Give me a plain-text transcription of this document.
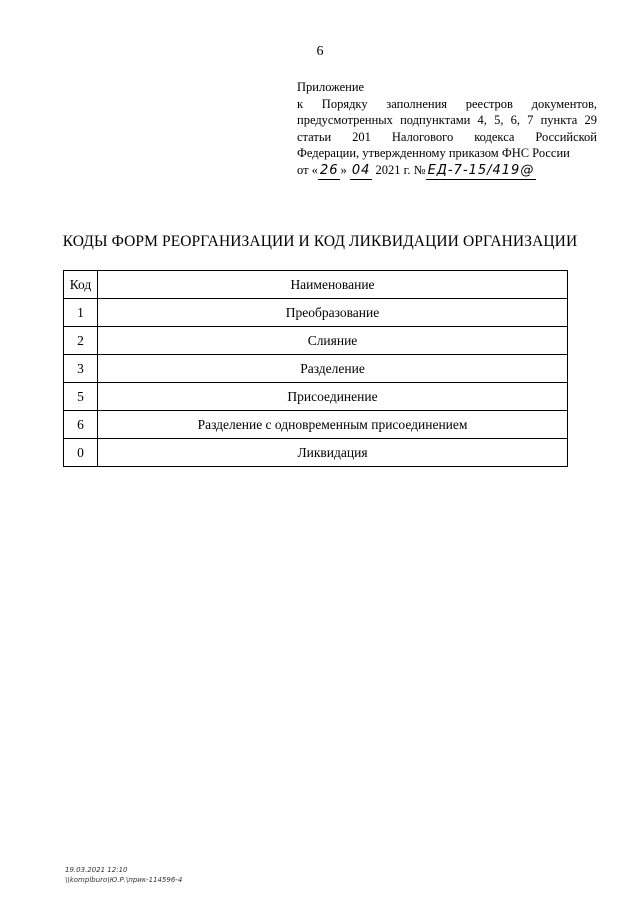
6
Приложение
к Порядку заполнения реестров документов,
предусмотренных подпунктами 4, 5, 6, 7 пункта 29
статьи 201 Налогового кодекса Российской
Федерации, утвержденному приказом ФНС России
от « 26 » 04 2021 г. № ЕД-7-15/419@
КОДЫ ФОРМ РЕОРГАНИЗАЦИИ И КОД ЛИКВИДАЦИИ ОРГАНИЗАЦИИ
Код	Наименование
1	Преобразование
2	Слияние
3	Разделение
5	Присоединение
6	Разделение с одновременным присоединением
0	Ликвидация
19.03.2021 12:10
\\komplburo\Ю.Р.\прик-114596-4
